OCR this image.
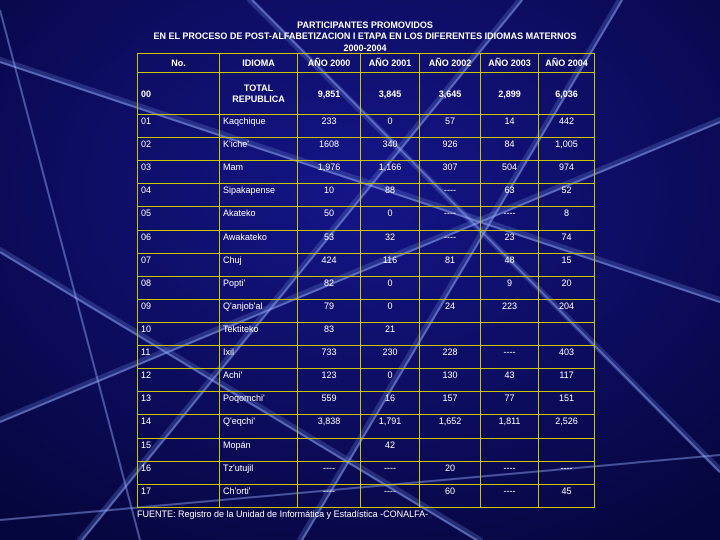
PARTICIPANTES PROMOVIDOS
EN EL PROCESO DE POST-ALFABETIZACION I ETAPA EN LOS DIFERENTES IDIOMAS MATERNOS
2000-2004
No.	IDIOMA	AÑO 2000	AÑO 2001	AÑO 2002	AÑO 2003	AÑO 2004
00	TOTAL REPUBLICA	9,851	3,845	3,645	2,899	6,036
01	Kaqchique	233	0	57	14	442
02	K'iche'	1608	340	926	84	1,005
03	Mam	1,976	1,166	307	504	974
04	Sipakapense	10	88	----	63	52
05	Akateko	50	0	----	----	8
06	Awakateko	53	32	----	23	74
07	Chuj	424	116	81	48	15
08	Popti'	82	0		9	20
09	Q'anjob'al	79	0	24	223	204
10	Tektiteko	83	21			
11	Ixil	733	230	228	----	403
12	Achi'	123	0	130	43	117
13	Poqomchi'	559	16	157	77	151
14	Q'eqchi'	3,838	1,791	1,652	1,811	2,526
15	Mopán		42			
16	Tz'utujil	----	----	20	----	----
17	Ch'orti'	----	----	60	----	45
FUENTE: Registro de la Unidad de Informática y Estadística -CONALFA-
